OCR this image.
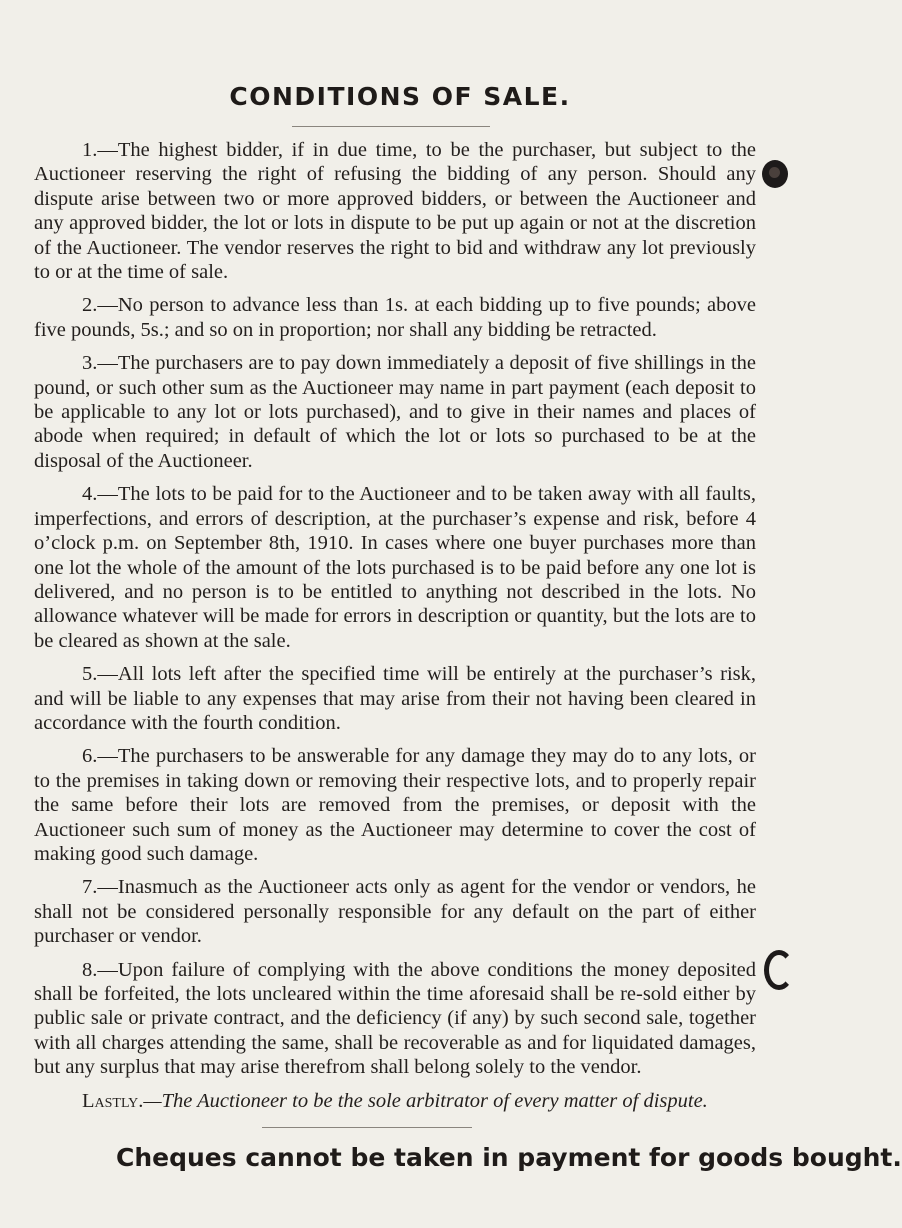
CONDITIONS OF SALE.

1.—The highest bidder, if in due time, to be the purchaser, but subject to the Auctioneer reserving the right of refusing the bidding of any person. Should any dispute arise between two or more approved bidders, or between the Auctioneer and any approved bidder, the lot or lots in dispute to be put up again or not at the discretion of the Auctioneer. The vendor reserves the right to bid and withdraw any lot previously to or at the time of sale.

2.—No person to advance less than 1s. at each bidding up to five pounds; above five pounds, 5s.; and so on in proportion; nor shall any bidding be retracted.

3.—The purchasers are to pay down immediately a deposit of five shillings in the pound, or such other sum as the Auctioneer may name in part payment (each deposit to be applicable to any lot or lots purchased), and to give in their names and places of abode when required; in default of which the lot or lots so purchased to be at the disposal of the Auctioneer.

4.—The lots to be paid for to the Auctioneer and to be taken away with all faults, imperfections, and errors of description, at the purchaser’s expense and risk, before 4 o’clock p.m. on September 8th, 1910. In cases where one buyer purchases more than one lot the whole of the amount of the lots purchased is to be paid before any one lot is delivered, and no person is to be entitled to anything not described in the lots. No allowance whatever will be made for errors in description or quantity, but the lots are to be cleared as shown at the sale.

5.—All lots left after the specified time will be entirely at the purchaser’s risk, and will be liable to any expenses that may arise from their not having been cleared in accordance with the fourth condition.

6.—The purchasers to be answerable for any damage they may do to any lots, or to the premises in taking down or removing their respective lots, and to properly repair the same before their lots are removed from the premises, or deposit with the Auctioneer such sum of money as the Auctioneer may determine to cover the cost of making good such damage.

7.—Inasmuch as the Auctioneer acts only as agent for the vendor or vendors, he shall not be considered personally responsible for any default on the part of either purchaser or vendor.

8.—Upon failure of complying with the above conditions the money deposited shall be forfeited, the lots uncleared within the time aforesaid shall be re-sold either by public sale or private contract, and the deficiency (if any) by such second sale, together with all charges attending the same, shall be recoverable as and for liquidated damages, but any surplus that may arise therefrom shall belong solely to the vendor.

Lastly.—The Auctioneer to be the sole arbitrator of every matter of dispute.

Cheques cannot be taken in payment for goods bought.
